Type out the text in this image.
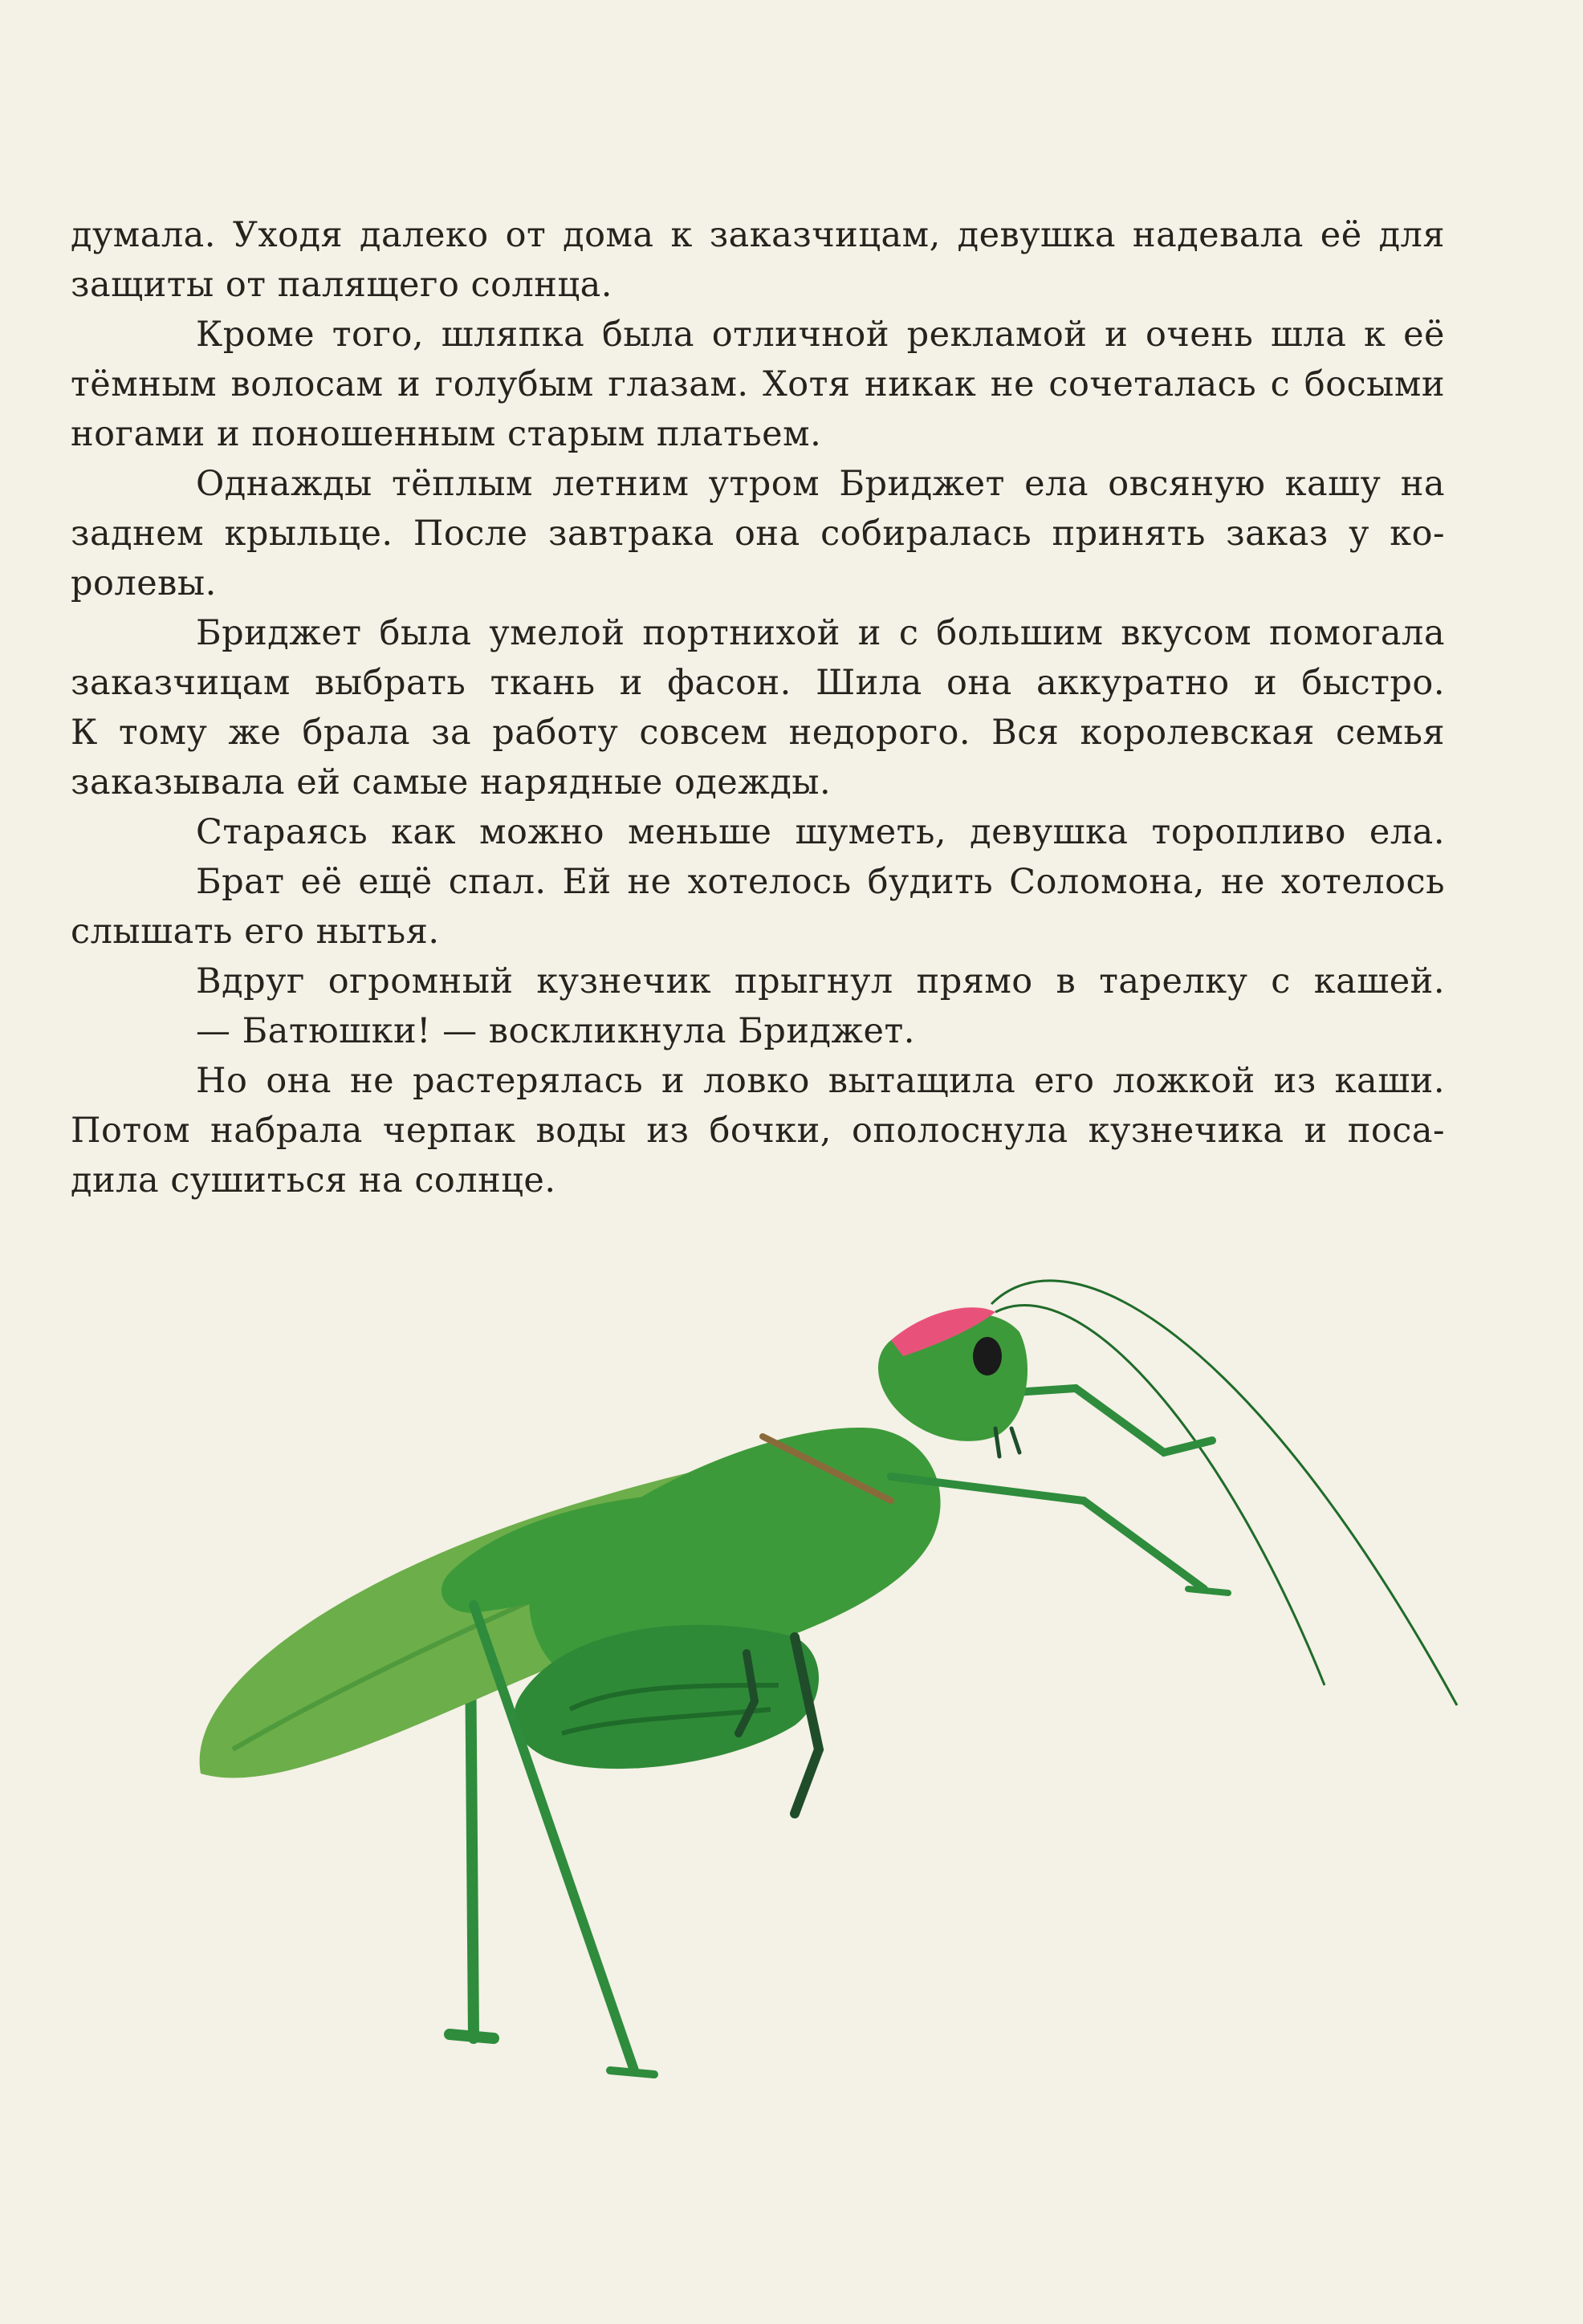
думала. Уходя далеко от дома к заказчицам, девушка надевала её для
защиты от палящего солнца.
Кроме того, шляпка была отличной рекламой и очень шла к её
тёмным волосам и голубым глазам. Хотя никак не сочеталась с босыми
ногами и поношенным старым платьем.
Однажды тёплым летним утром Бриджет ела овсяную кашу на
заднем крыльце. После завтрака она собиралась принять заказ у ко-
ролевы.
Бриджет была умелой портнихой и с большим вкусом помогала
заказчицам выбрать ткань и фасон. Шила она аккуратно и быстро.
К тому же брала за работу совсем недорого. Вся королевская семья
заказывала ей самые нарядные одежды.
Стараясь как можно меньше шуметь, девушка торопливо ела.
Брат её ещё спал. Ей не хотелось будить Соломона, не хотелось
слышать его нытья.
Вдруг огромный кузнечик прыгнул прямо в тарелку с кашей.
— Батюшки! — воскликнула Бриджет.
Но она не растерялась и ловко вытащила его ложкой из каши.
Потом набрала черпак воды из бочки, ополоснула кузнечика и поса-
дила сушиться на солнце.
